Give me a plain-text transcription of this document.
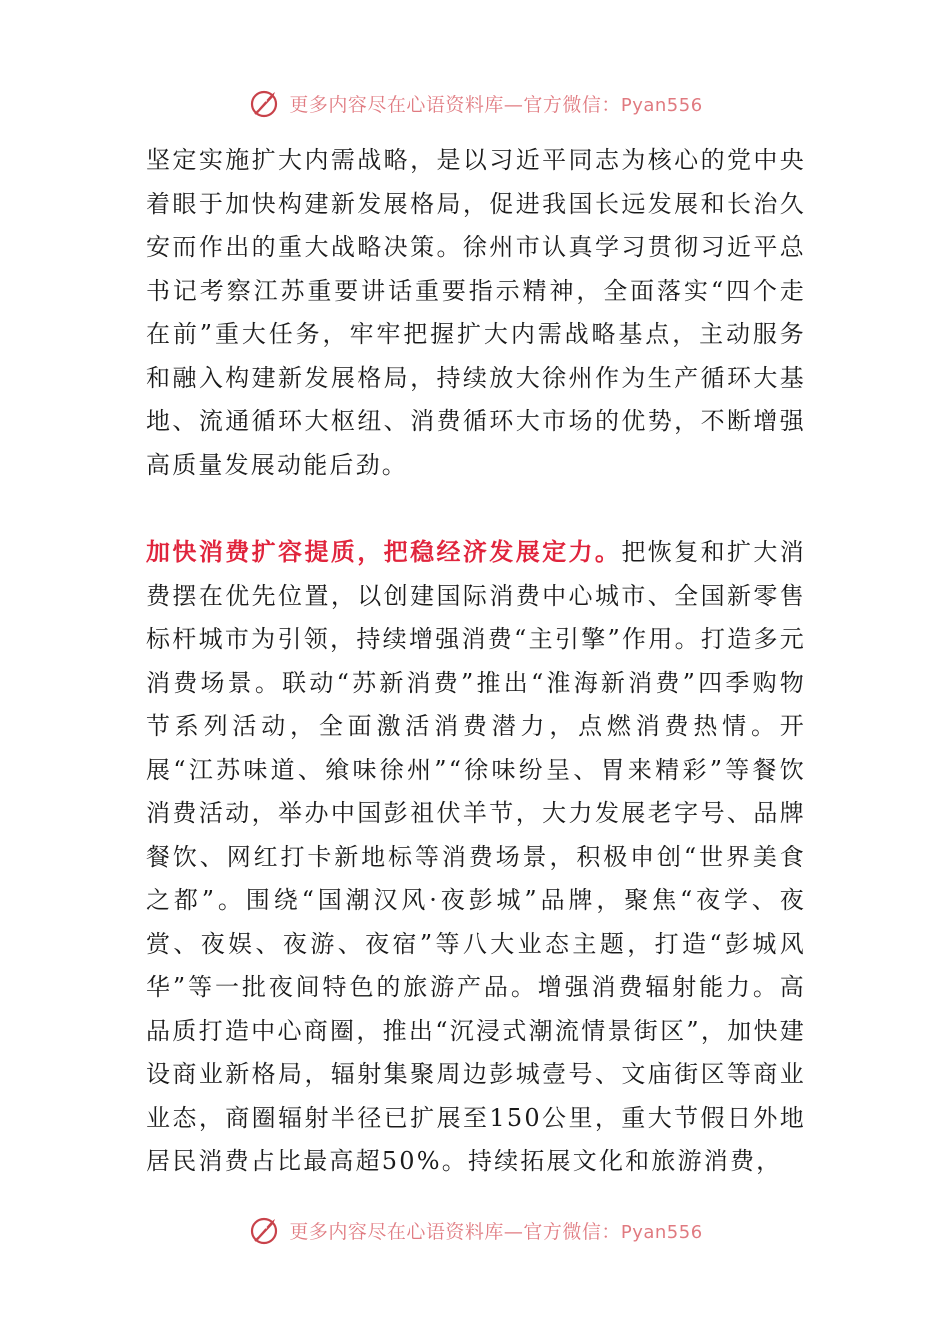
更多内容尽在心语资料库—官方微信：Pyan556

坚定实施扩大内需战略，是以习近平同志为核心的党中央着眼于加快构建新发展格局，促进我国长远发展和长治久安而作出的重大战略决策。徐州市认真学习贯彻习近平总书记考察江苏重要讲话重要指示精神，全面落实“四个走在前”重大任务，牢牢把握扩大内需战略基点，主动服务和融入构建新发展格局，持续放大徐州作为生产循环大基地、流通循环大枢纽、消费循环大市场的优势，不断增强高质量发展动能后劲。

加快消费扩容提质，把稳经济发展定力。把恢复和扩大消费摆在优先位置，以创建国际消费中心城市、全国新零售标杆城市为引领，持续增强消费“主引擎”作用。打造多元消费场景。联动“苏新消费”推出“淮海新消费”四季购物节系列活动，全面激活消费潜力，点燃消费热情。开展“江苏味道、飨味徐州”“徐味纷呈、胃来精彩”等餐饮消费活动，举办中国彭祖伏羊节，大力发展老字号、品牌餐饮、网红打卡新地标等消费场景，积极申创“世界美食之都”。围绕“国潮汉风·夜彭城”品牌，聚焦“夜学、夜赏、夜娱、夜游、夜宿”等八大业态主题，打造“彭城风华”等一批夜间特色的旅游产品。增强消费辐射能力。高品质打造中心商圈，推出“沉浸式潮流情景街区”，加快建设商业新格局，辐射集聚周边彭城壹号、文庙街区等商业业态，商圈辐射半径已扩展至150公里，重大节假日外地居民消费占比最高超50%。持续拓展文化和旅游消费，

更多内容尽在心语资料库—官方微信：Pyan556
